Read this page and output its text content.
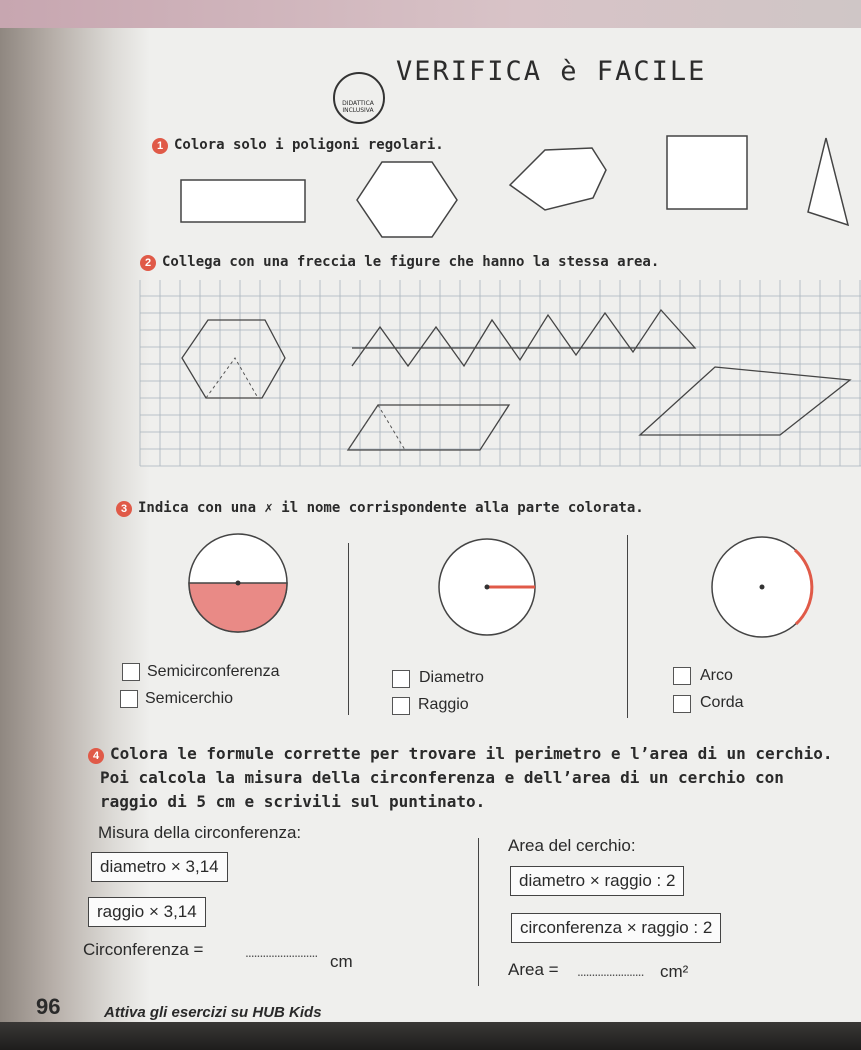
DIDATTICA INCLUSIVA
VERIFICA è FACILE
1 Colora solo i poligoni regolari.
2 Collega con una freccia le figure che hanno la stessa area.
3 Indica con una ✗ il nome corrispondente alla parte colorata.
Semicirconferenza
Semicerchio
Diametro
Raggio
Arco
Corda
4 Colora le formule corrette per trovare il perimetro e l’area di un cerchio.
Poi calcola la misura della circonferenza e dell’area di un cerchio con
raggio di 5 cm e scrivili sul puntinato.
Misura della circonferenza:
diametro × 3,14
raggio × 3,14
Circonferenza =	......................... cm
Area del cerchio:
diametro × raggio : 2
circonferenza × raggio : 2
Area = ....................... cm²
96	Attiva gli esercizi su HUB Kids
